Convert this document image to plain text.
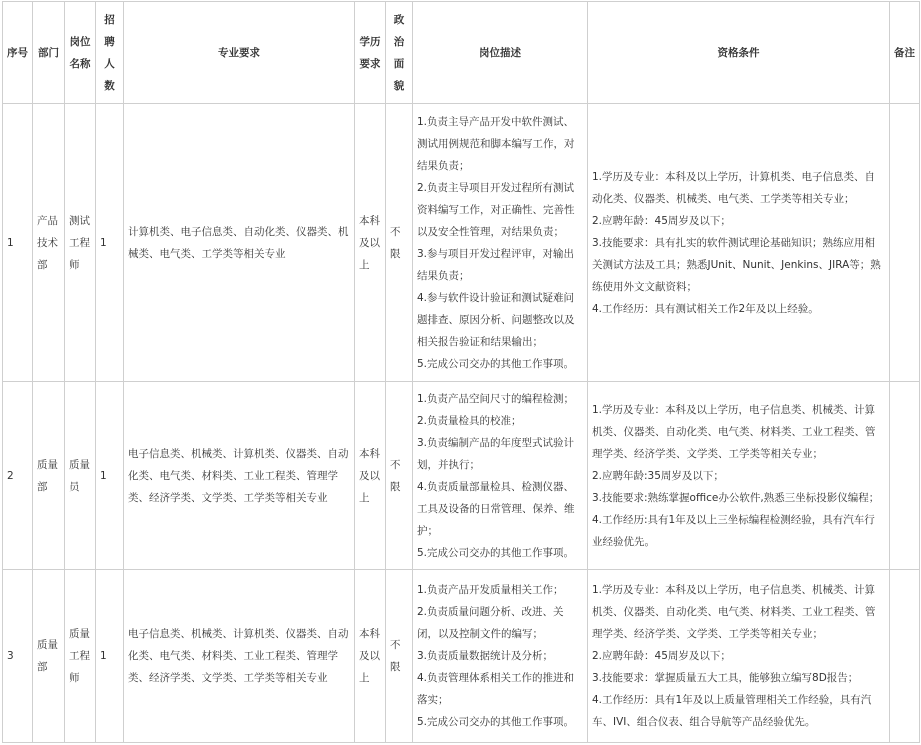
序号	部门	岗位名称	招聘人数	专业要求	学历要求	政治面貌	岗位描述	资格条件	备注
1	产品技术部	测试工程师	1	计算机类、电子信息类、自动化类、仪器类、机械类、电气类、工学类等相关专业	本科及以上	不限	1.负责主导产品开发中软件测试、测试用例规范和脚本编写工作，对结果负责；
2.负责主导项目开发过程所有测试资料编写工作，对正确性、完善性以及安全性管理，对结果负责；
3.参与项目开发过程评审，对输出结果负责；
4.参与软件设计验证和测试疑难问题排查、原因分析、问题整改以及相关报告验证和结果输出；
5.完成公司交办的其他工作事项。	1.学历及专业：本科及以上学历，计算机类、电子信息类、自动化类、仪器类、机械类、电气类、工学类等相关专业；
2.应聘年龄：45周岁及以下；
3.技能要求：具有扎实的软件测试理论基础知识；熟练应用相关测试方法及工具；熟悉JUnit、Nunit、Jenkins、JIRA等；熟练使用外文文献资料；
4.工作经历：具有测试相关工作2年及以上经验。	

2	质量部	质量员	1	电子信息类、机械类、计算机类、仪器类、自动化类、电气类、材料类、工业工程类、管理学类、经济学类、文学类、工学类等相关专业	本科及以上	不限	1.负责产品空间尺寸的编程检测；
2.负责量检具的校准；
3.负责编制产品的年度型式试验计划，并执行；
4.负责质量部量检具、检测仪器、工具及设备的日常管理、保养、维护；
5.完成公司交办的其他工作事项。	1.学历及专业：本科及以上学历，电子信息类、机械类、计算机类、仪器类、自动化类、电气类、材料类、工业工程类、管理学类、经济学类、文学类、工学类等相关专业；
2.应聘年龄:35周岁及以下；
3.技能要求:熟练掌握office办公软件,熟悉三坐标投影仪编程；
4.工作经历:具有1年及以上三坐标编程检测经验，具有汽车行业经验优先。	

3	质量部	质量工程师	1	电子信息类、机械类、计算机类、仪器类、自动化类、电气类、材料类、工业工程类、管理学类、经济学类、文学类、工学类等相关专业	本科及以上	不限	1.负责产品开发质量相关工作；
2.负责质量问题分析、改进、关闭，以及控制文件的编写；
3.负责质量数据统计及分析；
4.负责管理体系相关工作的推进和落实；
5.完成公司交办的其他工作事项。	1.学历及专业：本科及以上学历，电子信息类、机械类、计算机类、仪器类、自动化类、电气类、材料类、工业工程类、管理学类、经济学类、文学类、工学类等相关专业；
2.应聘年龄：45周岁及以下；
3.技能要求：掌握质量五大工具，能够独立编写8D报告；
4.工作经历：具有1年及以上质量管理相关工作经验，具有汽车、IVI、组合仪表、组合导航等产品经验优先。	
